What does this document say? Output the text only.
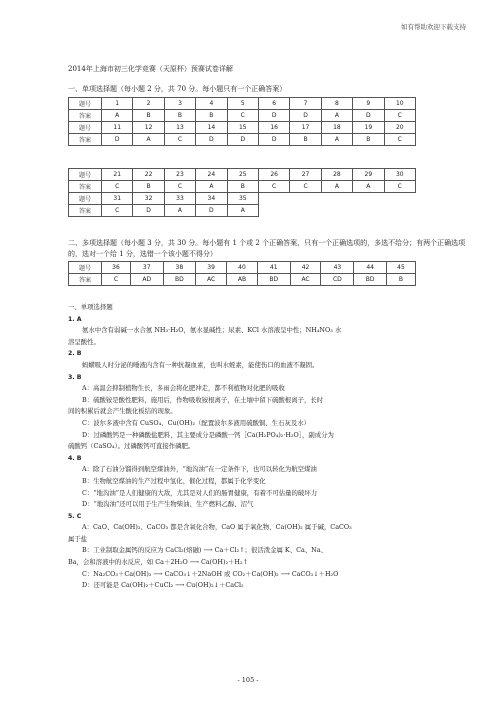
如有帮助欢迎下载支持
2014年上海市初三化学竞赛（天原杯）预赛试卷详解
一、单项选择题（每小题 2 分，共 70 分。每小题只有一个正确答案）
题号	1	2	3	4	5	6	7	8	9	10
答案	A	B	B	B	C	D	D	A	D	C
题号	11	12	13	14	15	16	17	18	19	20
答案	D	A	C	D	D	D	B	A	B	C
题号	21	22	23	24	25	26	27	28	29	30
答案	C	B	C	A	B	C	C	A	A	C
题号	31	32	33	34	35					
答案	C	D	A	D	A					
二、多项选择题（每小题 3 分，共 30 分。每小题有 1 个或 2 个正确答案，只有一个正确选项的，多选不给分；有两个正确选项的，选对一个给 1 分，选错一个该小题不得分）
题号	36	37	38	39	40	41	42	43	44	45
答案	C	AD	BD	AC	AB	BD	AC	CD	BD	B

一、单项选择题

1. A

氨水中含有弱碱一水合氨 NH₃·H₂O，氨水显碱性；尿素、KCl 水溶液呈中性；NH₄NO₃ 水

溶呈酸性。

2. B

蚂蟥吸人时分泌的唾液内含有一种抗凝血素，也叫水蛭素，能使伤口的血液不凝固。

3. B

A：高温会抑制植物生长，多雨会将化肥冲走，都不利植物对化肥的吸收

B：硫酸铵是酸性肥料，施用后，作物吸收铵根离子，在土壤中留下硫酸根离子，长时

间的积累后就会产生酸化板结的现象。

C：波尔多液中含有 CuSO₄、Cu(OH)₂（配置波尔多液用硫酸铜、生石灰及水）

D：过磷酸钙是一种磷酸盐肥料，其主要成分是磷酸一钙［Ca(H₂PO₄)₂·H₂O］，副成分为

硫酸钙（CaSO₄）。过磷酸钙可直接作磷肥。

4. B

A：除了石油分馏得到航空煤油外，“地沟油”在一定条件下，也可以转化为航空煤油

B：生物航空煤油的生产过程中氢化、催化过程，都属于化学变化

C：“地沟油”是人们健康的大敌，尤其是对人们的肠胃健康，有着不可估量的破坏力

D：“地沟油”还可以用于生产生物柴油、生产燃料乙醇、沼气

5. C

A：CaO、Ca(OH)₂、CaCO₃ 都是含氧化合物，CaO 属于氧化物，Ca(OH)₂ 属于碱，CaCO₃

属于盐

B：工业制取金属钙的反应为 CaCl₂(熔融) ⟶ Ca＋Cl₂↑；很活泼金属 K、Ca、Na、

Ba，会和溶液中的水反应，如 Ca＋2H₂O ⟶ Ca(OH)₂＋H₂↑

C：Na₂CO₃＋Ca(OH)₂ ⟶ CaCO₃↓＋2NaOH 或 CO₂＋Ca(OH)₂ ⟶ CaCO₃↓＋H₂O

D：还可能是 Ca(OH)₂＋CuCl₂ ⟶ Cu(OH)₂↓＋CaCl₂

- 105 -
